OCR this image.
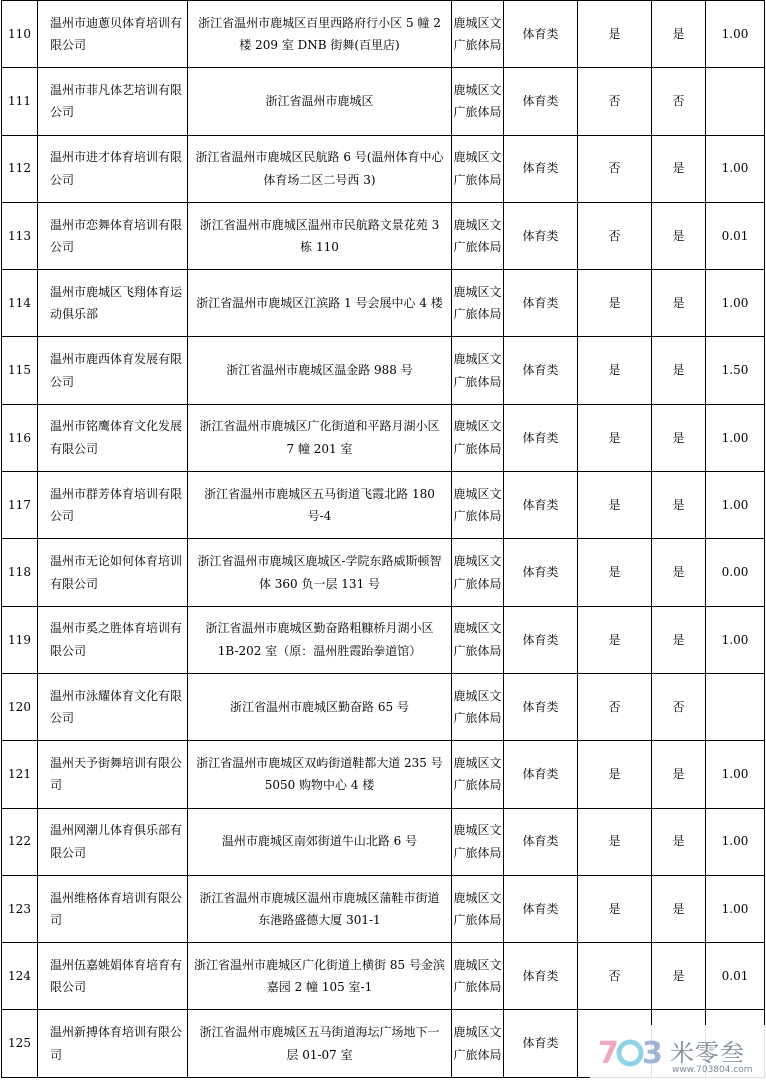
110	温州市迪蔥贝体育培训有限公司	浙江省温州市鹿城区百里西路府行小区 5 幢 2 楼 209 室 DNB 街舞(百里店)	鹿城区文广旅体局	体育类	是	是	1.00
111	温州市菲凡体艺培训有限公司	浙江省温州市鹿城区	鹿城区文广旅体局	体育类	否	否	
112	温州市进才体育培训有限公司	浙江省温州市鹿城区民航路 6 号(温州体育中心体育场二区二号西 3)	鹿城区文广旅体局	体育类	否	是	1.00
113	温州市恋舞体育培训有限公司	浙江省温州市鹿城区温州市民航路文景花苑 3 栋 110	鹿城区文广旅体局	体育类	否	是	0.01
114	温州市鹿城区飞翔体育运动俱乐部	浙江省温州市鹿城区江滨路 1 号会展中心 4 楼	鹿城区文广旅体局	体育类	是	是	1.00
115	温州市鹿西体育发展有限公司	浙江省温州市鹿城区温金路 988 号	鹿城区文广旅体局	体育类	是	是	1.50
116	温州市铭鹰体育文化发展有限公司	浙江省温州市鹿城区广化街道和平路月湖小区 7 幢 201 室	鹿城区文广旅体局	体育类	是	是	1.00
117	温州市群芳体育培训有限公司	浙江省温州市鹿城区五马街道飞霞北路 180 号-4	鹿城区文广旅体局	体育类	是	是	1.00
118	温州市无论如何体育培训有限公司	浙江省温州市鹿城区鹿城区-学院东路威斯顿智体 360 负一层 131 号	鹿城区文广旅体局	体育类	是	是	0.00
119	温州市奚之胜体育培训有限公司	浙江省温州市鹿城区勤奋路粗糠桥月湖小区 1B-202 室（原：温州胜霞跆拳道馆）	鹿城区文广旅体局	体育类	是	是	1.00
120	温州市泳耀体育文化有限公司	浙江省温州市鹿城区勤奋路 65 号	鹿城区文广旅体局	体育类	否	否	
121	温州天予街舞培训有限公司	浙江省温州市鹿城区双屿街道鞋都大道 235 号 5050 购物中心 4 楼	鹿城区文广旅体局	体育类	是	是	1.00
122	温州网潮儿体育俱乐部有限公司	温州市鹿城区南郊街道牛山北路 6 号	鹿城区文广旅体局	体育类	是	是	1.00
123	温州维格体育培训有限公司	浙江省温州市鹿城区温州市鹿城区蒲鞋市街道东港路盛德大厦 301-1	鹿城区文广旅体局	体育类	是	是	1.00
124	温州伍嘉姚娟体育培育有限公司	浙江省温州市鹿城区广化街道上横街 85 号金滨嘉园 2 幢 105 室-1	鹿城区文广旅体局	体育类	否	是	0.01
125	温州新搏体育培训有限公司	浙江省温州市鹿城区五马街道海坛广场地下一层 01-07 室	鹿城区文广旅体局	体育类			7 3 米零叁
www.703804.com
